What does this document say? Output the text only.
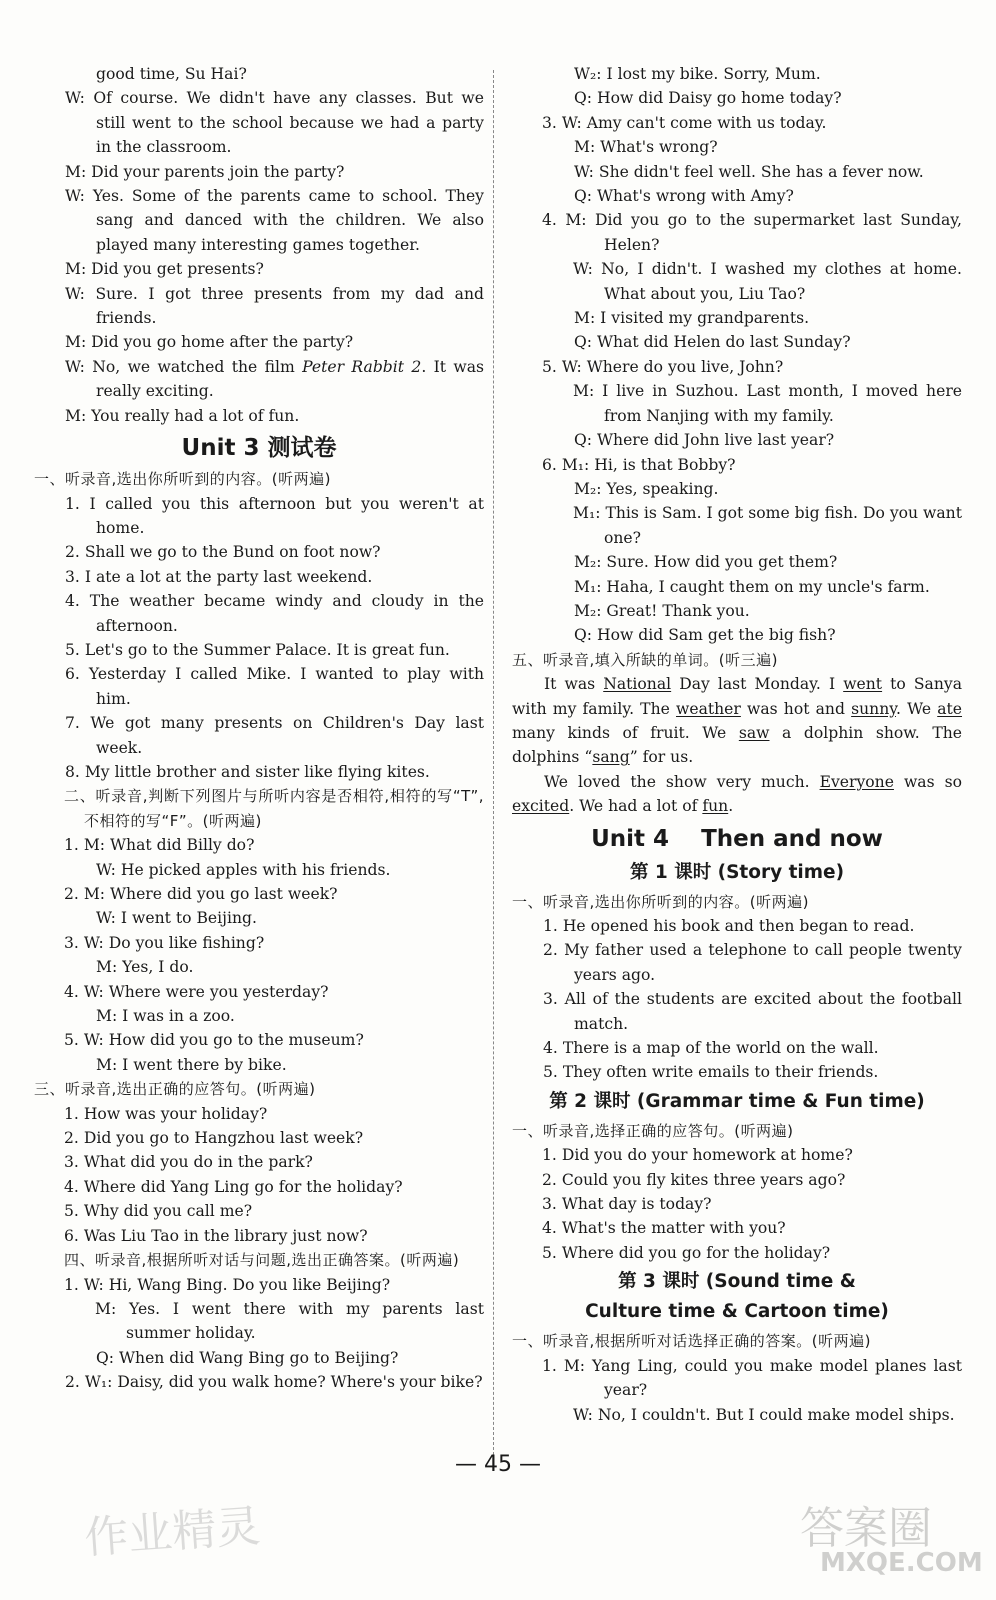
good time, Su Hai?
W: Of course. We didn't have any classes. But we still went to the school because we had a party in the classroom.
M: Did your parents join the party?
W: Yes. Some of the parents came to school. They sang and danced with the children. We also played many interesting games together.
M: Did you get presents?
W: Sure. I got three presents from my dad and friends.
M: Did you go home after the party?
W: No, we watched the film Peter Rabbit 2. It was really exciting.
M: You really had a lot of fun.
Unit 3 测试卷
一、听录音,选出你所听到的内容。(听两遍)
1. I called you this afternoon but you weren't at home.
2. Shall we go to the Bund on foot now?
3. I ate a lot at the party last weekend.
4. The weather became windy and cloudy in the afternoon.
5. Let's go to the Summer Palace. It is great fun.
6. Yesterday I called Mike. I wanted to play with him.
7. We got many presents on Children's Day last week.
8. My little brother and sister like flying kites.
二、听录音,判断下列图片与所听内容是否相符,相符的写“T”,不相符的写“F”。(听两遍)
1. M: What did Billy do?
W: He picked apples with his friends.
2. M: Where did you go last week?
W: I went to Beijing.
3. W: Do you like fishing?
M: Yes, I do.
4. W: Where were you yesterday?
M: I was in a zoo.
5. W: How did you go to the museum?
M: I went there by bike.
三、听录音,选出正确的应答句。(听两遍)
1. How was your holiday?
2. Did you go to Hangzhou last week?
3. What did you do in the park?
4. Where did Yang Ling go for the holiday?
5. Why did you call me?
6. Was Liu Tao in the library just now?
四、听录音,根据所听对话与问题,选出正确答案。(听两遍)
1. W: Hi, Wang Bing. Do you like Beijing?
M: Yes. I went there with my parents last summer holiday.
Q: When did Wang Bing go to Beijing?
2. W₁: Daisy, did you walk home? Where's your bike?
W₂: I lost my bike. Sorry, Mum.
Q: How did Daisy go home today?
3. W: Amy can't come with us today.
M: What's wrong?
W: She didn't feel well. She has a fever now.
Q: What's wrong with Amy?
4. M: Did you go to the supermarket last Sunday, Helen?
W: No, I didn't. I washed my clothes at home. What about you, Liu Tao?
M: I visited my grandparents.
Q: What did Helen do last Sunday?
5. W: Where do you live, John?
M: I live in Suzhou. Last month, I moved here from Nanjing with my family.
Q: Where did John live last year?
6. M₁: Hi, is that Bobby?
M₂: Yes, speaking.
M₁: This is Sam. I got some big fish. Do you want one?
M₂: Sure. How did you get them?
M₁: Haha, I caught them on my uncle's farm.
M₂: Great! Thank you.
Q: How did Sam get the big fish?
五、听录音,填入所缺的单词。(听三遍)
It was National Day last Monday. I went to Sanya with my family. The weather was hot and sunny. We ate many kinds of fruit. We saw a dolphin show. The dolphins “sang” for us.
We loved the show very much. Everyone was so excited. We had a lot of fun.
Unit 4    Then and now
第 1 课时 (Story time)
一、听录音,选出你所听到的内容。(听两遍)
1. He opened his book and then began to read.
2. My father used a telephone to call people twenty years ago.
3. All of the students are excited about the football match.
4. There is a map of the world on the wall.
5. They often write emails to their friends.
第 2 课时 (Grammar time & Fun time)
一、听录音,选择正确的应答句。(听两遍)
1. Did you do your homework at home?
2. Could you fly kites three years ago?
3. What day is today?
4. What's the matter with you?
5. Where did you go for the holiday?
第 3 课时 (Sound time &
Culture time & Cartoon time)
一、听录音,根据所听对话选择正确的答案。(听两遍)
1. M: Yang Ling, could you make model planes last year?
W: No, I couldn't. But I could make model ships.
— 45 —
作业精灵	答案圈
MXQE.COM
